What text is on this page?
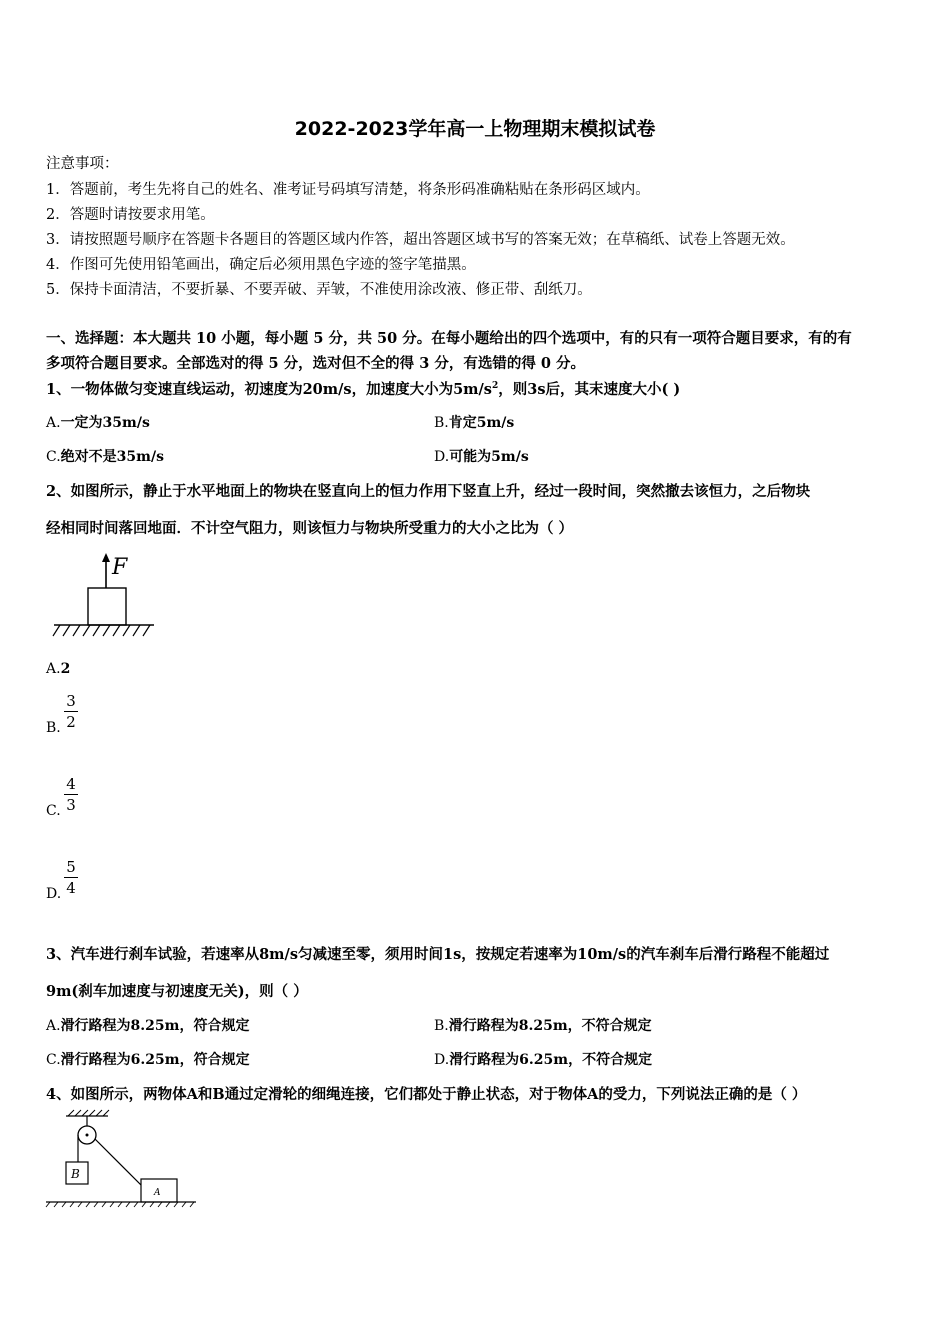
2022-2023学年高一上物理期末模拟试卷
注意事项：
1．答题前，考生先将自己的姓名、准考证号码填写清楚，将条形码准确粘贴在条形码区域内。
2．答题时请按要求用笔。
3．请按照题号顺序在答题卡各题目的答题区域内作答，超出答题区域书写的答案无效；在草稿纸、试卷上答题无效。
4．作图可先使用铅笔画出，确定后必须用黑色字迹的签字笔描黑。
5．保持卡面清洁，不要折暴、不要弄破、弄皱，不准使用涂改液、修正带、刮纸刀。
一、选择题：本大题共 10 小题，每小题 5 分，共 50 分。在每小题给出的四个选项中，有的只有一项符合题目要求，有的有
多项符合题目要求。全部选对的得 5 分，选对但不全的得 3 分，有选错的得 0 分。
1、一物体做匀变速直线运动，初速度为20m/s，加速度大小为$5m/s^2$，则3s后，其末速度大小( )
A.一定为35m/s	B.肯定5m/s
C.绝对不是35m/s	D.可能为5m/s
2、如图所示，静止于水平地面上的物块在竖直向上的恒力作用下竖直上升，经过一段时间，突然撤去该恒力，之后物块
经相同时间落回地面．不计空气阻力，则该恒力与物块所受重力的大小之比为（ ）
F
A.2
B.
3
2
C.
4
3
D.
5
4
3、汽车进行刹车试验，若速率从8m/s匀减速至零，须用时间1s，按规定若速率为10m/s的汽车刹车后滑行路程不能超过
9m(刹车加速度与初速度无关)，则（ ）
A.滑行路程为8.25m，符合规定	B.滑行路程为8.25m，不符合规定
C.滑行路程为6.25m，符合规定	D.滑行路程为6.25m，不符合规定
4、如图所示，两物体A和B通过定滑轮的细绳连接，它们都处于静止状态，对于物体A的受力，下列说法正确的是（ ）
B
A
